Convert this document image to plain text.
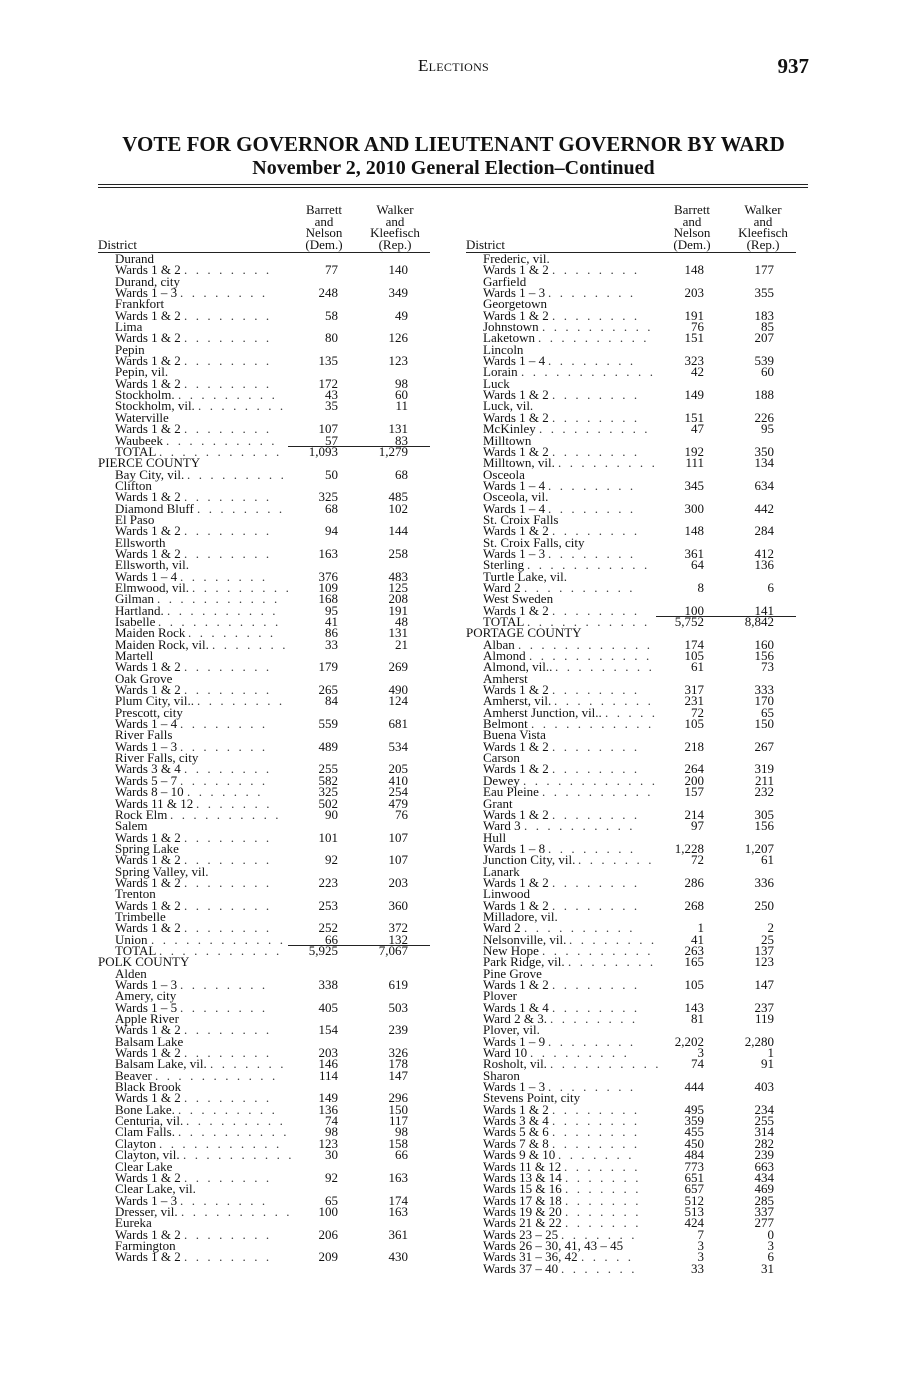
Elections	937
VOTE FOR GOVERNOR AND LIEUTENANT GOVERNOR BY WARD
November 2, 2010 General Election–Continued
District
Barrett
and
Nelson
(Dem.)
Walker
and
Kleefisch
(Rep.)
Durand
Wards 1 & 2 . . . . . . . .	77	140
Durand, city
Wards 1 – 3 . . . . . . . .	248	349
Frankfort
Wards 1 & 2 . . . . . . . .	58	49
Lima
Wards 1 & 2 . . . . . . . .	80	126
Pepin
Wards 1 & 2 . . . . . . . .	135	123
Pepin, vil.
Wards 1 & 2 . . . . . . . .	172	98
Stockholm. . . . . . . . . .	43	60
Stockholm, vil. . . . . . . . .	35	11
Waterville
Wards 1 & 2 . . . . . . . .	107	131
Waubeek . . . . . . . . . .	57	83
TOTAL . . . . . . . . . . . 1,093	1,279
PIERCE COUNTY
Bay City, vil. . . . . . . . . .	50	68
Clifton
Wards 1 & 2 . . . . . . . .	325	485
Diamond Bluff . . . . . . . .	68	102
El Paso
Wards 1 & 2 . . . . . . . .	94	144
Ellsworth
Wards 1 & 2 . . . . . . . .	163	258
Ellsworth, vil.
Wards 1 – 4 . . . . . . . .	376	483
Elmwood, vil. . . . . . . . . . 109	125
Gilman . . . . . . . . . . .	168	208
Hartland. . . . . . . . . . .	95	191
Isabelle . . . . . . . . . . .	41	48
Maiden Rock . . . . . . . .	86	131
Maiden Rock, vil. . . . . . . .	33	21
Martell
Wards 1 & 2 . . . . . . . .	179	269
Oak Grove
Wards 1 & 2 . . . . . . . .	265	490
Plum City, vil.. . . . . . . . .	84	124
Prescott, city
Wards 1 – 4 . . . . . . . .	559	681
River Falls
Wards 1 – 3 . . . . . . . .	489	534
River Falls, city
Wards 3 & 4 . . . . . . . .	255	205
Wards 5 – 7 . . . . . . . .	582	410
Wards 8 – 10 . . . . . . .	325	254
Wards 11 & 12 . . . . . . .	502	479
Rock Elm . . . . . . . . . .	90	76
Salem
Wards 1 & 2 . . . . . . . .	101	107
Spring Lake
Wards 1 & 2 . . . . . . . .	92	107
Spring Valley, vil.
Wards 1 & 2 . . . . . . . .	223	203
Trenton
Wards 1 & 2 . . . . . . . .	253	360
Trimbelle
Wards 1 & 2 . . . . . . . .	252	372
Union . . . . . . . . . . . .	66	132
TOTAL . . . . . . . . . . . 5,925	7,067
POLK COUNTY
Alden
Wards 1 – 3 . . . . . . . .	338	619
Amery, city
Wards 1 – 5 . . . . . . . .	405	503
Apple River
Wards 1 & 2 . . . . . . . .	154	239
Balsam Lake
Wards 1 & 2 . . . . . . . .	203	326
Balsam Lake, vil. . . . . . . . 146	178
Beaver . . . . . . . . . . .	114	147
Black Brook
Wards 1 & 2 . . . . . . . .	149	296
Bone Lake. . . . . . . . . .	136	150
Centuria, vil. . . . . . . . . .	74	117
Clam Falls. . . . . . . . . . .	98	98
Clayton . . . . . . . . . . .	123	158
Clayton, vil. . . . . . . . . . . 30	66
Clear Lake
Wards 1 & 2 . . . . . . . .	92	163
Clear Lake, vil.
Wards 1 – 3 . . . . . . . .	65	174
Dresser, vil. . . . . . . . . . . 100	163
Eureka
Wards 1 & 2 . . . . . . . .	206	361
Farmington
Wards 1 & 2 . . . . . . . .	209	430
District
Barrett
and
Nelson
(Dem.)
Walker
and
Kleefisch
(Rep.)
Frederic, vil.
Wards 1 & 2 . . . . . . . .	148	177
Garfield
Wards 1 – 3 . . . . . . . .	203	355
Georgetown
Wards 1 & 2 . . . . . . . .	191	183
Johnstown . . . . . . . . . .	76	85
Laketown . . . . . . . . . .	151	207
Lincoln
Wards 1 – 4 . . . . . . . .	323	539
Lorain . . . . . . . . . . . .	42	60
Luck
Wards 1 & 2 . . . . . . . .	149	188
Luck, vil.
Wards 1 & 2 . . . . . . . .	151	226
McKinley . . . . . . . . . .	47	95
Milltown
Wards 1 & 2 . . . . . . . .	192	350
Milltown, vil. . . . . . . . . . 111	134
Osceola
Wards 1 – 4 . . . . . . . .	345	634
Osceola, vil.
Wards 1 – 4 . . . . . . . .	300	442
St. Croix Falls
Wards 1 & 2 . . . . . . . .	148	284
St. Croix Falls, city
Wards 1 – 3 . . . . . . . .	361	412
Sterling . . . . . . . . . . .	64	136
Turtle Lake, vil.
Ward 2 . . . . . . . . . .	8	6
West Sweden
Wards 1 & 2 . . . . . . . .	100	141
TOTAL . . . . . . . . . . . 5,752	8,842
PORTAGE COUNTY
Alban . . . . . . . . . . . . 174	160
Almond . . . . . . . . . . .	105	156
Almond, vil.. . . . . . . . . .	61	73
Amherst
Wards 1 & 2 . . . . . . . .	317	333
Amherst, vil. . . . . . . . . . 231	170
Amherst Junction, vil.. . . . . .	72	65
Belmont . . . . . . . . . . . 105	150
Buena Vista
Wards 1 & 2 . . . . . . . .	218	267
Carson
Wards 1 & 2 . . . . . . . .	264	319
Dewey . . . . . . . . . . . . 200	211
Eau Pleine . . . . . . . . . . 157	232
Grant
Wards 1 & 2 . . . . . . . .	214	305
Ward 3 . . . . . . . . . .	97	156
Hull
Wards 1 – 8 . . . . . . . .	1,228	1,207
Junction City, vil. . . . . . . .	72	61
Lanark
Wards 1 & 2 . . . . . . . .	286	336
Linwood
Wards 1 & 2 . . . . . . . .	268	250
Milladore, vil.
Ward 2 . . . . . . . . . .	1	2
Nelsonville, vil. . . . . . . . .	41	25
New Hope . . . . . . . . . . 263	137
Park Ridge, vil. . . . . . . . . 165	123
Pine Grove
Wards 1 & 2 . . . . . . . .	105	147
Plover
Wards 1 & 4 . . . . . . . .	143	237
Ward 2 & 3. . . . . . . . .	81	119
Plover, vil.
Wards 1 – 9 . . . . . . . .	2,202	2,280
Ward 10 . . . . . . . . .	3	1
Rosholt, vil. . . . . . . . . . . 74	91
Sharon
Wards 1 – 3 . . . . . . . .	444	403
Stevens Point, city
Wards 1 & 2 . . . . . . . .	495	234
Wards 3 & 4 . . . . . . . .	359	255
Wards 5 & 6 . . . . . . . .	455	314
Wards 7 & 8 . . . . . . . .	450	282
Wards 9 & 10 . . . . . . .	484	239
Wards 11 & 12 . . . . . . .	773	663
Wards 13 & 14 . . . . . . .	651	434
Wards 15 & 16 . . . . . . .	657	469
Wards 17 & 18 . . . . . . .	512	285
Wards 19 & 20 . . . . . . .	513	337
Wards 21 & 22 . . . . . . .	424	277
Wards 23 – 25 . . . . . . .	7	0
Wards 26 – 30, 41, 43 – 45	3	3
Wards 31 – 36, 42 . . . . .	3	6
Wards 37 – 40 . . . . . . .	33	31
